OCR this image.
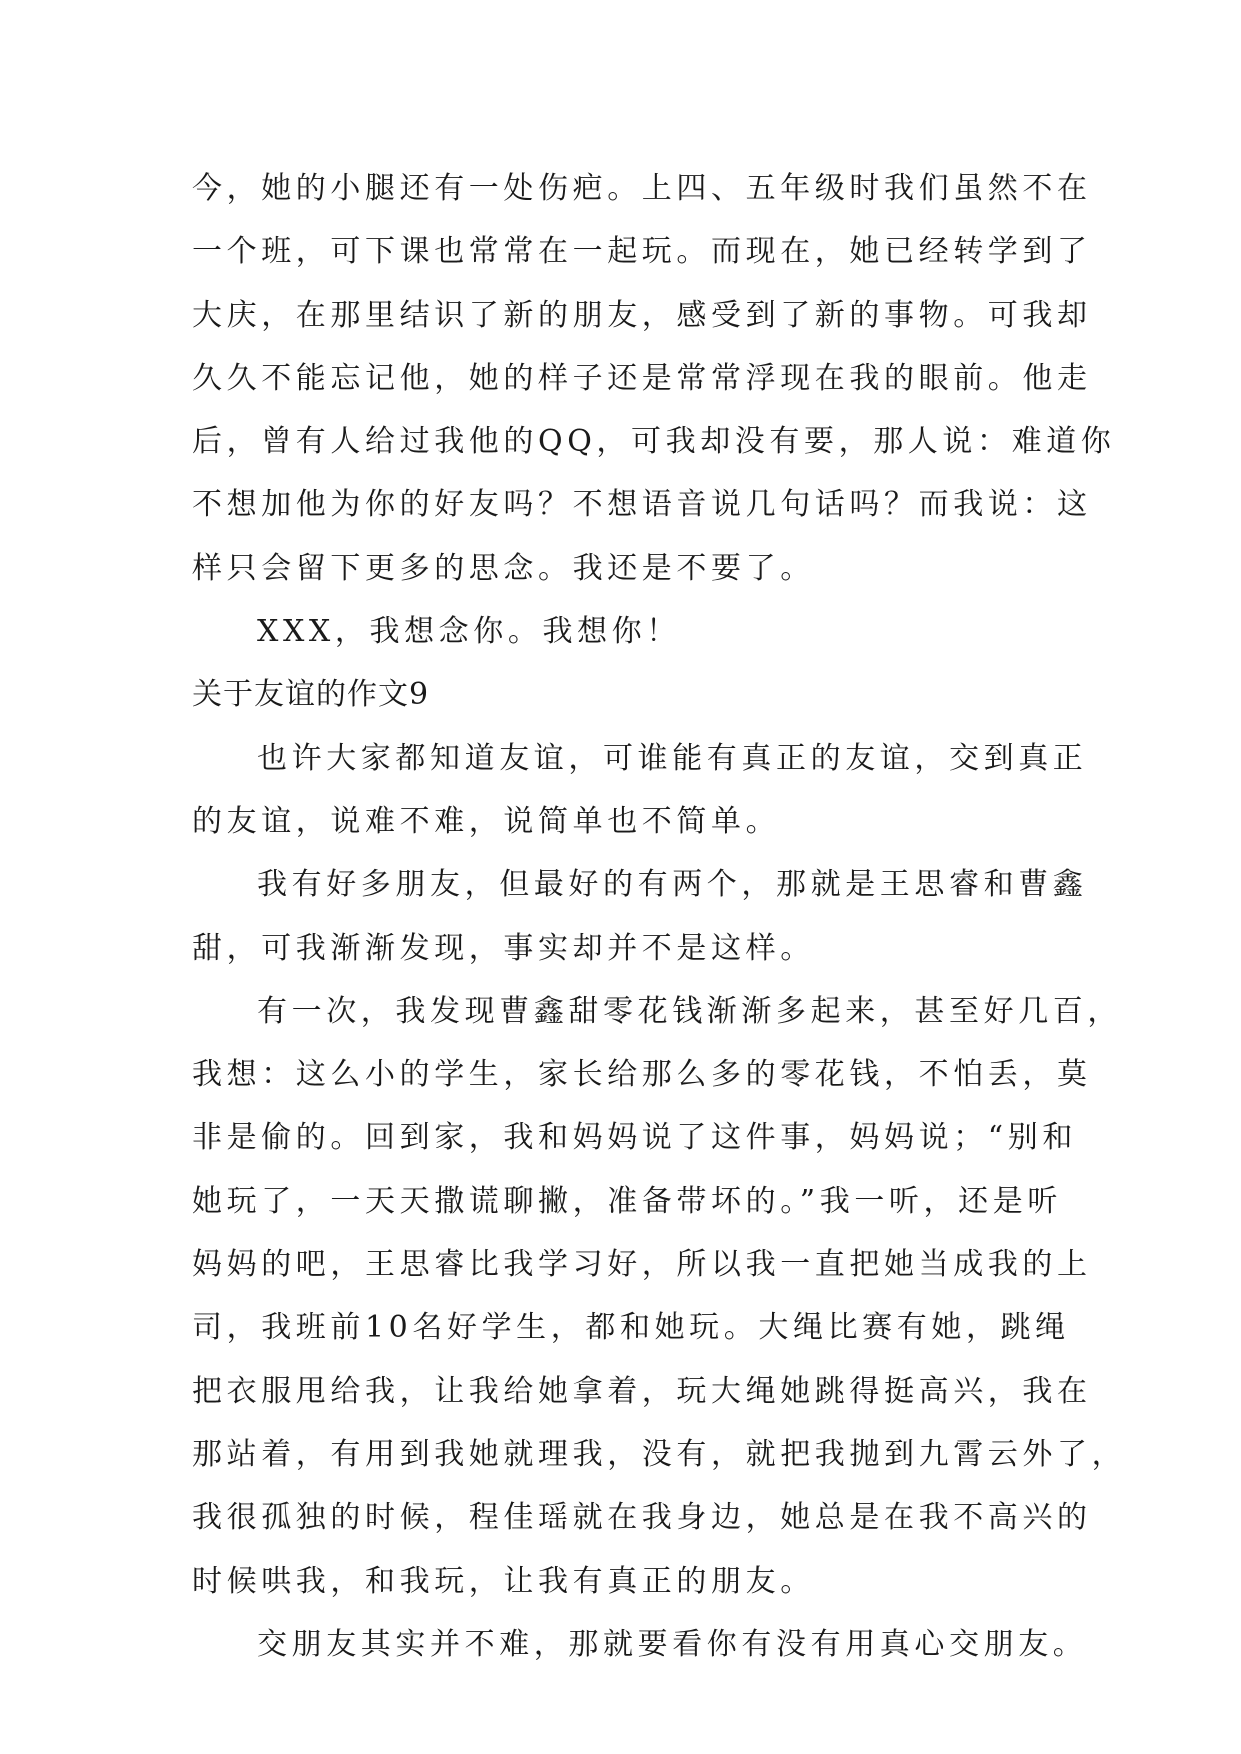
今，她的小腿还有一处伤疤。上四、五年级时我们虽然不在
一个班，可下课也常常在一起玩。而现在，她已经转学到了
大庆，在那里结识了新的朋友，感受到了新的事物。可我却
久久不能忘记他，她的样子还是常常浮现在我的眼前。他走
后，曾有人给过我他的QQ，可我却没有要，那人说：难道你
不想加他为你的好友吗？不想语音说几句话吗？而我说：这
样只会留下更多的思念。我还是不要了。
XXX，我想念你。我想你！
关于友谊的作文9
也许大家都知道友谊，可谁能有真正的友谊，交到真正
的友谊，说难不难，说简单也不简单。
我有好多朋友，但最好的有两个，那就是王思睿和曹鑫
甜，可我渐渐发现，事实却并不是这样。
有一次，我发现曹鑫甜零花钱渐渐多起来，甚至好几百，
我想：这么小的学生，家长给那么多的零花钱，不怕丢，莫
非是偷的。回到家，我和妈妈说了这件事，妈妈说；“别和
她玩了，一天天撒谎聊撇，准备带坏的。”我一听，还是听
妈妈的吧，王思睿比我学习好，所以我一直把她当成我的上
司，我班前10名好学生，都和她玩。大绳比赛有她，跳绳
把衣服甩给我，让我给她拿着，玩大绳她跳得挺高兴，我在
那站着，有用到我她就理我，没有，就把我抛到九霄云外了，
我很孤独的时候，程佳瑶就在我身边，她总是在我不高兴的
时候哄我，和我玩，让我有真正的朋友。
交朋友其实并不难，那就要看你有没有用真心交朋友。
